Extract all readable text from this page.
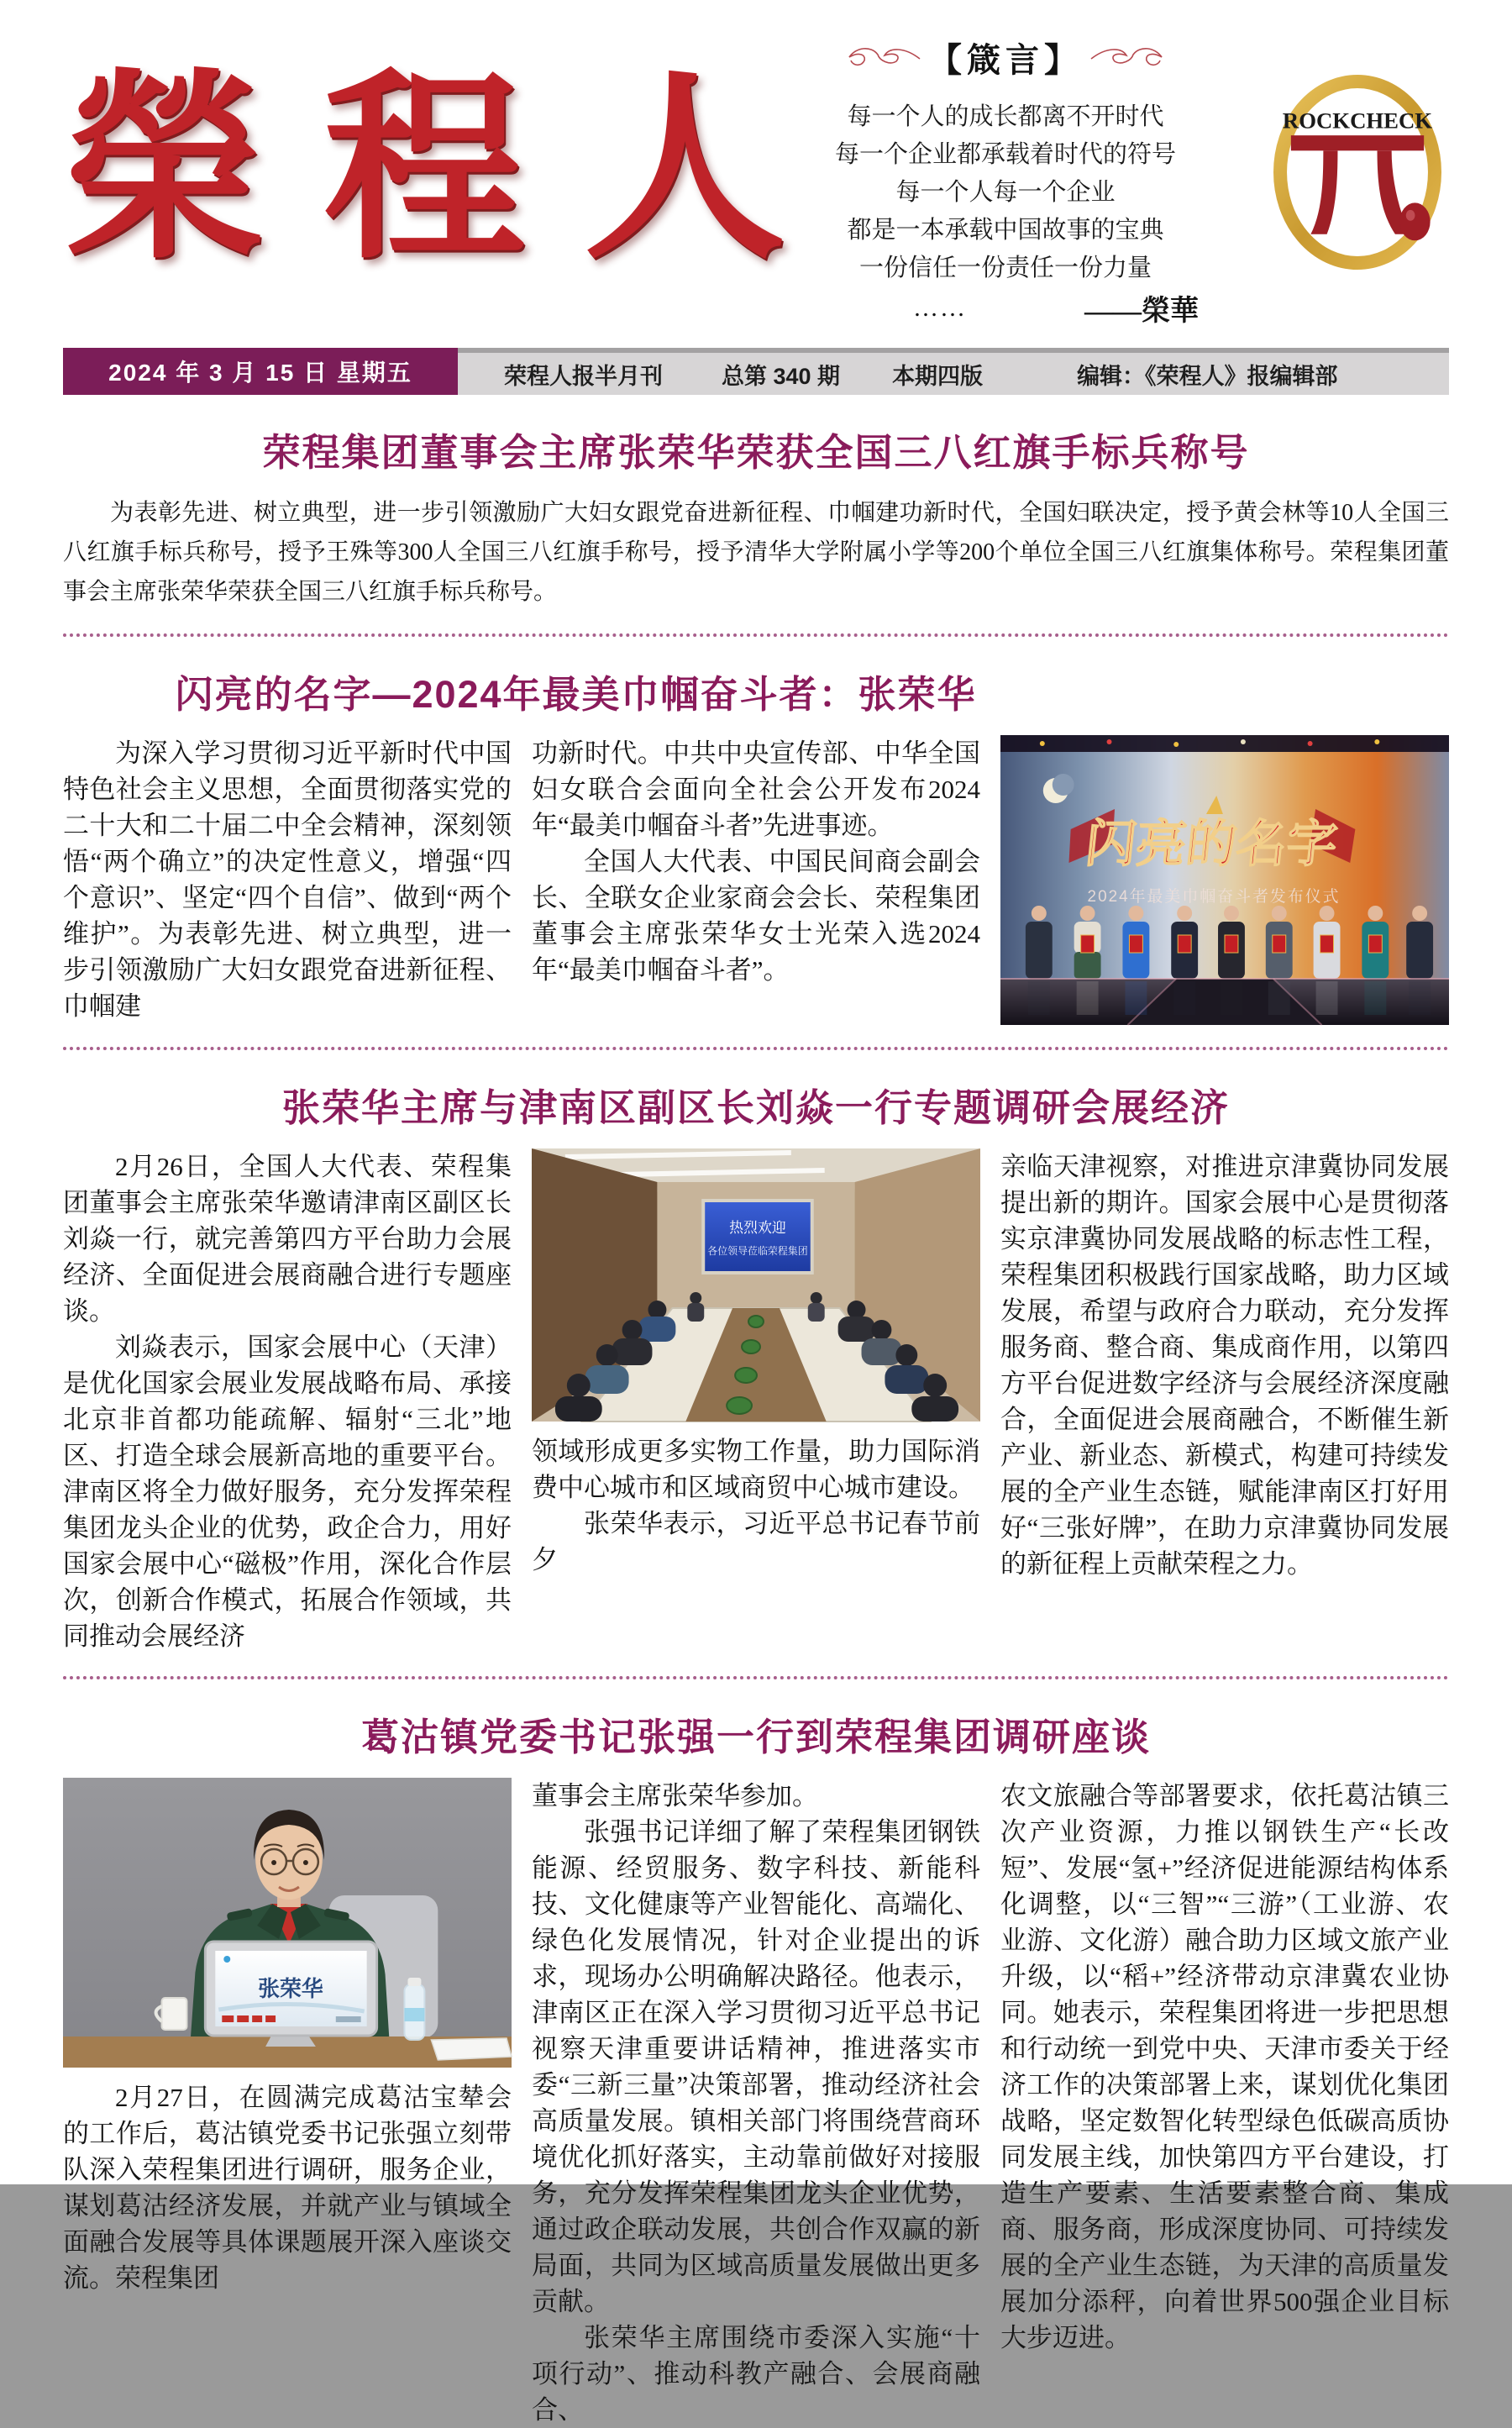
榮程人 【箴言】
每一个人的成长都离不开时代
每一个企业都承载着时代的符号
每一个人每一个企业
都是一本承载中国故事的宝典
一份信任一份责任一份力量
……	——榮華
ROCKCHECK
2024 年 3 月 15 日 星期五	荣程人报半月刊	总第 340 期 本期四版	编辑：《荣程人》报编辑部
荣程集团董事会主席张荣华荣获全国三八红旗手标兵称号

为表彰先进、树立典型，进一步引领激励广大妇女跟党奋进新征程、巾帼建功新时代，全国妇联决定，授予黄会林等10人全国三八红旗手标兵称号，授予王殊等300人全国三八红旗手称号，授予清华大学附属小学等200个单位全国三八红旗集体称号。荣程集团董事会主席张荣华荣获全国三八红旗手标兵称号。

闪亮的名字—2024年最美巾帼奋斗者：张荣华

为深入学习贯彻习近平新时代中国特色社会主义思想，全面贯彻落实党的二十大和二十届二中全会精神，深刻领悟“两个确立”的决定性意义，增强“四个意识”、坚定“四个自信”、做到“两个维护”。为表彰先进、树立典型，进一步引领激励广大妇女跟党奋进新征程、巾帼建

功新时代。中共中央宣传部、中华全国妇女联合会面向全社会公开发布2024年“最美巾帼奋斗者”先进事迹。

全国人大代表、中国民间商会副会长、全联女企业家商会会长、荣程集团董事会主席张荣华女士光荣入选2024年“最美巾帼奋斗者”。

闪亮的名字
2024年最美巾帼奋斗者发布仪式
张荣华主席与津南区副区长刘焱一行专题调研会展经济

2月26日，全国人大代表、荣程集团董事会主席张荣华邀请津南区副区长刘焱一行，就完善第四方平台助力会展经济、全面促进会展商融合进行专题座谈。

刘焱表示，国家会展中心（天津）是优化国家会展业发展战略布局、承接北京非首都功能疏解、辐射“三北”地区、打造全球会展新高地的重要平台。津南区将全力做好服务，充分发挥荣程集团龙头企业的优势，政企合力，用好国家会展中心“磁极”作用，深化合作层次，创新合作模式，拓展合作领域，共同推动会展经济

热烈欢迎
各位领导莅临荣程集团

领域形成更多实物工作量，助力国际消费中心城市和区域商贸中心城市建设。

张荣华表示，习近平总书记春节前夕

亲临天津视察，对推进京津冀协同发展提出新的期许。国家会展中心是贯彻落实京津冀协同发展战略的标志性工程，荣程集团积极践行国家战略，助力区域发展，希望与政府合力联动，充分发挥服务商、整合商、集成商作用，以第四方平台促进数字经济与会展经济深度融合，全面促进会展商融合，不断催生新产业、新业态、新模式，构建可持续发展的全产业生态链，赋能津南区打好用好“三张好牌”，在助力京津冀协同发展的新征程上贡献荣程之力。

葛沽镇党委书记张强一行到荣程集团调研座谈
张荣华

2月27日，在圆满完成葛沽宝辇会的工作后，葛沽镇党委书记张强立刻带队深入荣程集团进行调研，服务企业，谋划葛沽经济发展，并就产业与镇域全面融合发展等具体课题展开深入座谈交流。荣程集团

董事会主席张荣华参加。

张强书记详细了解了荣程集团钢铁能源、经贸服务、数字科技、新能科技、文化健康等产业智能化、高端化、绿色化发展情况，针对企业提出的诉求，现场办公明确解决路径。他表示，津南区正在深入学习贯彻习近平总书记视察天津重要讲话精神，推进落实市委“三新三量”决策部署，推动经济社会高质量发展。镇相关部门将围绕营商环境优化抓好落实，主动靠前做好对接服务，充分发挥荣程集团龙头企业优势，通过政企联动发展，共创合作双赢的新局面，共同为区域高质量发展做出更多贡献。

张荣华主席围绕市委深入实施“十项行动”、推动科教产融合、会展商融合、

农文旅融合等部署要求，依托葛沽镇三次产业资源，力推以钢铁生产“长改短”、发展“氢+”经济促进能源结构体系化调整，以“三智”“三游”（工业游、农业游、文化游）融合助力区域文旅产业升级，以“稻+”经济带动京津冀农业协同。她表示，荣程集团将进一步把思想和行动统一到党中央、天津市委关于经济工作的决策部署上来，谋划优化集团战略，坚定数智化转型绿色低碳高质协同发展主线，加快第四方平台建设，打造生产要素、生活要素整合商、集成商、服务商，形成深度协同、可持续发展的全产业生态链，为天津的高质量发展加分添秤，向着世界500强企业目标大步迈进。
